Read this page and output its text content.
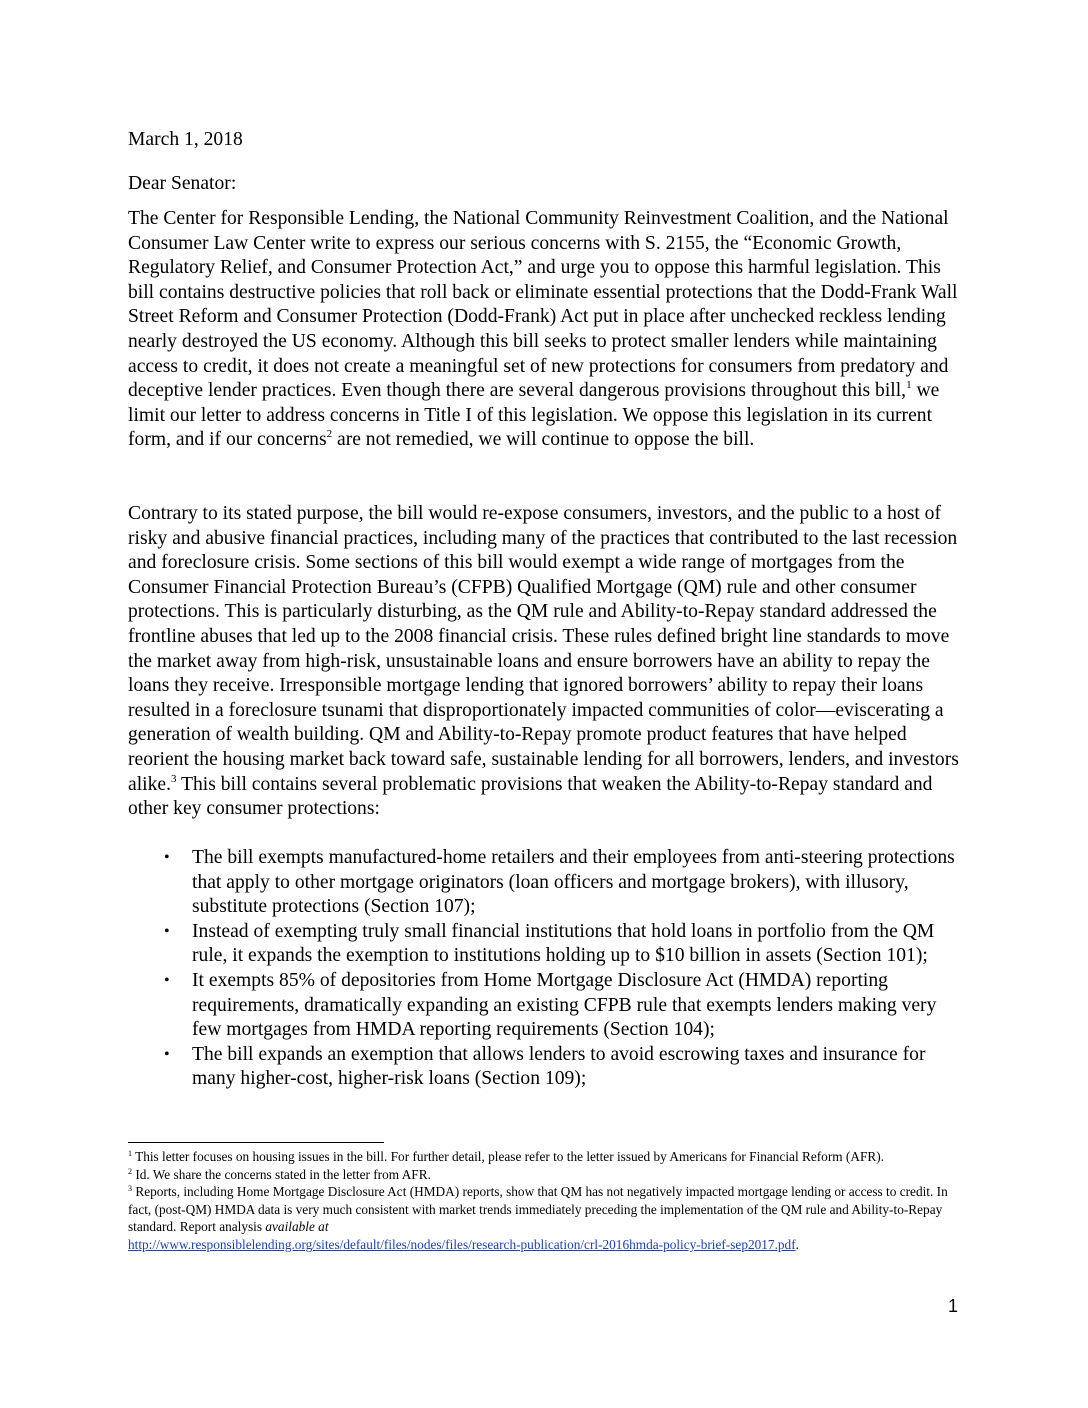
March 1, 2018
Dear Senator:
The Center for Responsible Lending, the National Community Reinvestment Coalition, and the National Consumer Law Center write to express our serious concerns with S. 2155, the “Economic Growth, Regulatory Relief, and Consumer Protection Act,” and urge you to oppose this harmful legislation. This bill contains destructive policies that roll back or eliminate essential protections that the Dodd-Frank Wall Street Reform and Consumer Protection (Dodd-Frank) Act put in place after unchecked reckless lending nearly destroyed the US economy. Although this bill seeks to protect smaller lenders while maintaining access to credit, it does not create a meaningful set of new protections for consumers from predatory and deceptive lender practices. Even though there are several dangerous provisions throughout this bill,$^1$ we limit our letter to address concerns in Title I of this legislation. We oppose this legislation in its current form, and if our concerns$^2$ are not remedied, we will continue to oppose the bill.
Contrary to its stated purpose, the bill would re-expose consumers, investors, and the public to a host of risky and abusive financial practices, including many of the practices that contributed to the last recession and foreclosure crisis. Some sections of this bill would exempt a wide range of mortgages from the Consumer Financial Protection Bureau’s (CFPB) Qualified Mortgage (QM) rule and other consumer protections. This is particularly disturbing, as the QM rule and Ability-to-Repay standard addressed the frontline abuses that led up to the 2008 financial crisis. These rules defined bright line standards to move the market away from high-risk, unsustainable loans and ensure borrowers have an ability to repay the loans they receive. Irresponsible mortgage lending that ignored borrowers’ ability to repay their loans resulted in a foreclosure tsunami that disproportionately impacted communities of color—eviscerating a generation of wealth building. QM and Ability-to-Repay promote product features that have helped reorient the housing market back toward safe, sustainable lending for all borrowers, lenders, and investors alike.$^3$ This bill contains several problematic provisions that weaken the Ability-to-Repay standard and other key consumer protections:
• The bill exempts manufactured-home retailers and their employees from anti-steering protections that apply to other mortgage originators (loan officers and mortgage brokers), with illusory, substitute protections (Section 107);
• Instead of exempting truly small financial institutions that hold loans in portfolio from the QM rule, it expands the exemption to institutions holding up to $10 billion in assets (Section 101);
• It exempts 85% of depositories from Home Mortgage Disclosure Act (HMDA) reporting requirements, dramatically expanding an existing CFPB rule that exempts lenders making very few mortgages from HMDA reporting requirements (Section 104);
• The bill expands an exemption that allows lenders to avoid escrowing taxes and insurance for many higher-cost, higher-risk loans (Section 109);
$^1$ This letter focuses on housing issues in the bill. For further detail, please refer to the letter issued by Americans for Financial Reform (AFR).
$^2$ Id. We share the concerns stated in the letter from AFR.
$^3$ Reports, including Home Mortgage Disclosure Act (HMDA) reports, show that QM has not negatively impacted mortgage lending or access to credit. In fact, (post-QM) HMDA data is very much consistent with market trends immediately preceding the implementation of the QM rule and Ability-to-Repay standard. Report analysis available at
http://www.responsiblelending.org/sites/default/files/nodes/files/research-publication/crl-2016hmda-policy-brief-sep2017.pdf.
1
